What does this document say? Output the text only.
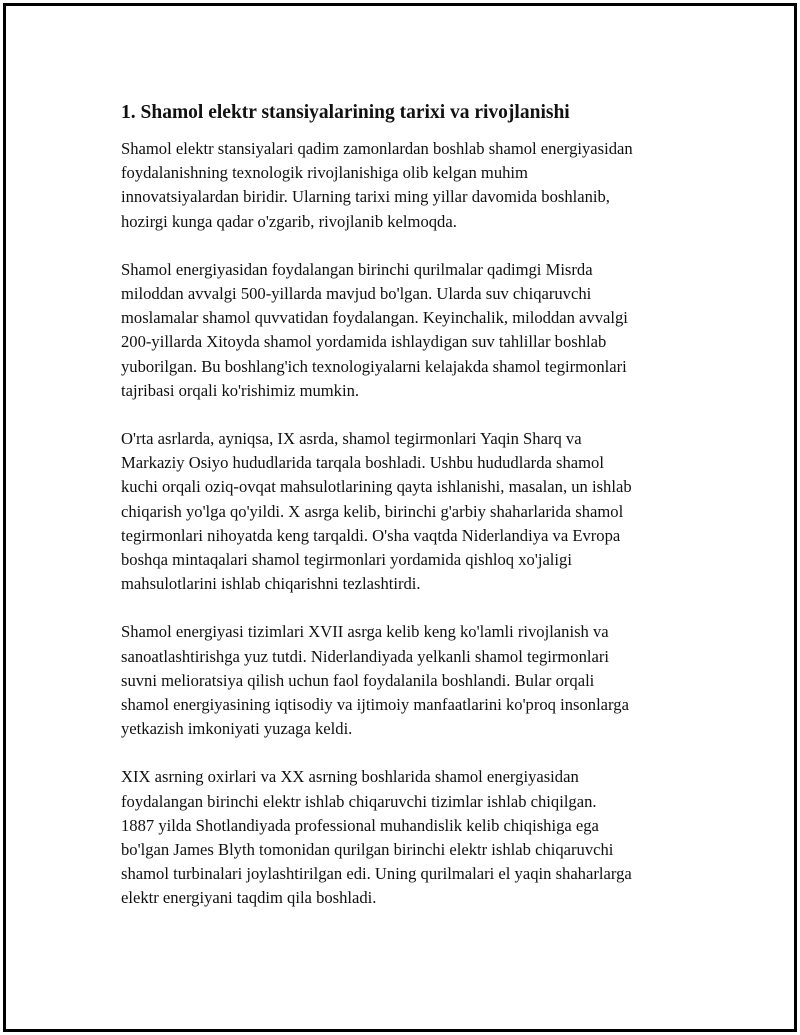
1. Shamol elektr stansiyalarining tarixi va rivojlanishi

Shamol elektr stansiyalari qadim zamonlardan boshlab shamol energiyasidan
foydalanishning texnologik rivojlanishiga olib kelgan muhim
innovatsiyalardan biridir. Ularning tarixi ming yillar davomida boshlanib,
hozirgi kunga qadar o'zgarib, rivojlanib kelmoqda.

Shamol energiyasidan foydalangan birinchi qurilmalar qadimgi Misrda
miloddan avvalgi 500-yillarda mavjud bo'lgan. Ularda suv chiqaruvchi
moslamalar shamol quvvatidan foydalangan. Keyinchalik, miloddan avvalgi
200-yillarda Xitoyda shamol yordamida ishlaydigan suv tahlillar boshlab
yuborilgan. Bu boshlang'ich texnologiyalarni kelajakda shamol tegirmonlari
tajribasi orqali ko'rishimiz mumkin.

O'rta asrlarda, ayniqsa, IX asrda, shamol tegirmonlari Yaqin Sharq va
Markaziy Osiyo hududlarida tarqala boshladi. Ushbu hududlarda shamol
kuchi orqali oziq-ovqat mahsulotlarining qayta ishlanishi, masalan, un ishlab
chiqarish yo'lga qo'yildi. X asrga kelib, birinchi g'arbiy shaharlarida shamol
tegirmonlari nihoyatda keng tarqaldi. O'sha vaqtda Niderlandiya va Evropa
boshqa mintaqalari shamol tegirmonlari yordamida qishloq xo'jaligi
mahsulotlarini ishlab chiqarishni tezlashtirdi.

Shamol energiyasi tizimlari XVII asrga kelib keng ko'lamli rivojlanish va
sanoatlashtirishga yuz tutdi. Niderlandiyada yelkanli shamol tegirmonlari
suvni melioratsiya qilish uchun faol foydalanila boshlandi. Bular orqali
shamol energiyasining iqtisodiy va ijtimoiy manfaatlarini ko'proq insonlarga
yetkazish imkoniyati yuzaga keldi.

XIX asrning oxirlari va XX asrning boshlarida shamol energiyasidan
foydalangan birinchi elektr ishlab chiqaruvchi tizimlar ishlab chiqilgan.
1887 yilda Shotlandiyada professional muhandislik kelib chiqishiga ega
bo'lgan James Blyth tomonidan qurilgan birinchi elektr ishlab chiqaruvchi
shamol turbinalari joylashtirilgan edi. Uning qurilmalari el yaqin shaharlarga
elektr energiyani taqdim qila boshladi.
